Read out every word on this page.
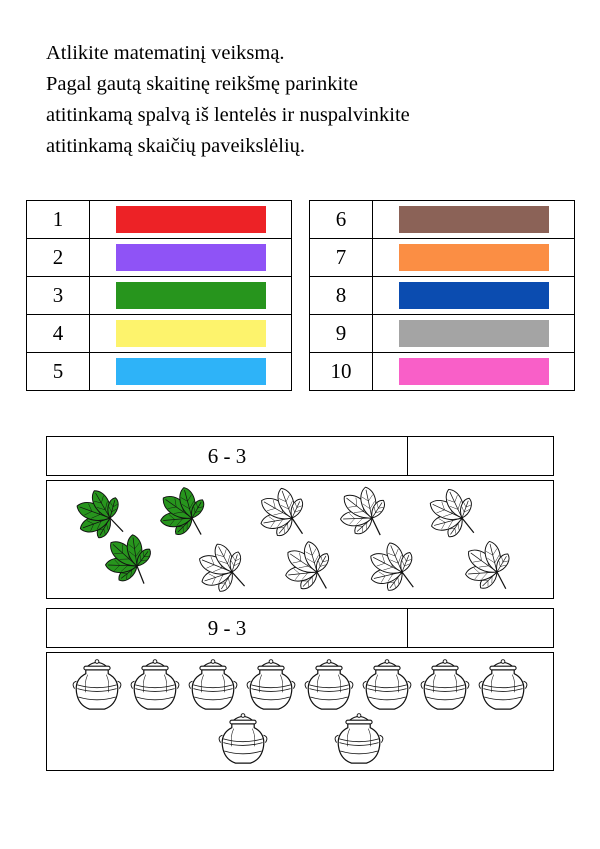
Atlikite matematinį veiksmą.
Pagal gautą skaitinę reikšmę parinkite
atitinkamą spalvą iš lentelės ir nuspalvinkite
atitinkamą skaičių paveikslėlių.
1	

2	

3	

4	

5	
6	

7	

8	

9	

10	
6 - 3
9 - 3
